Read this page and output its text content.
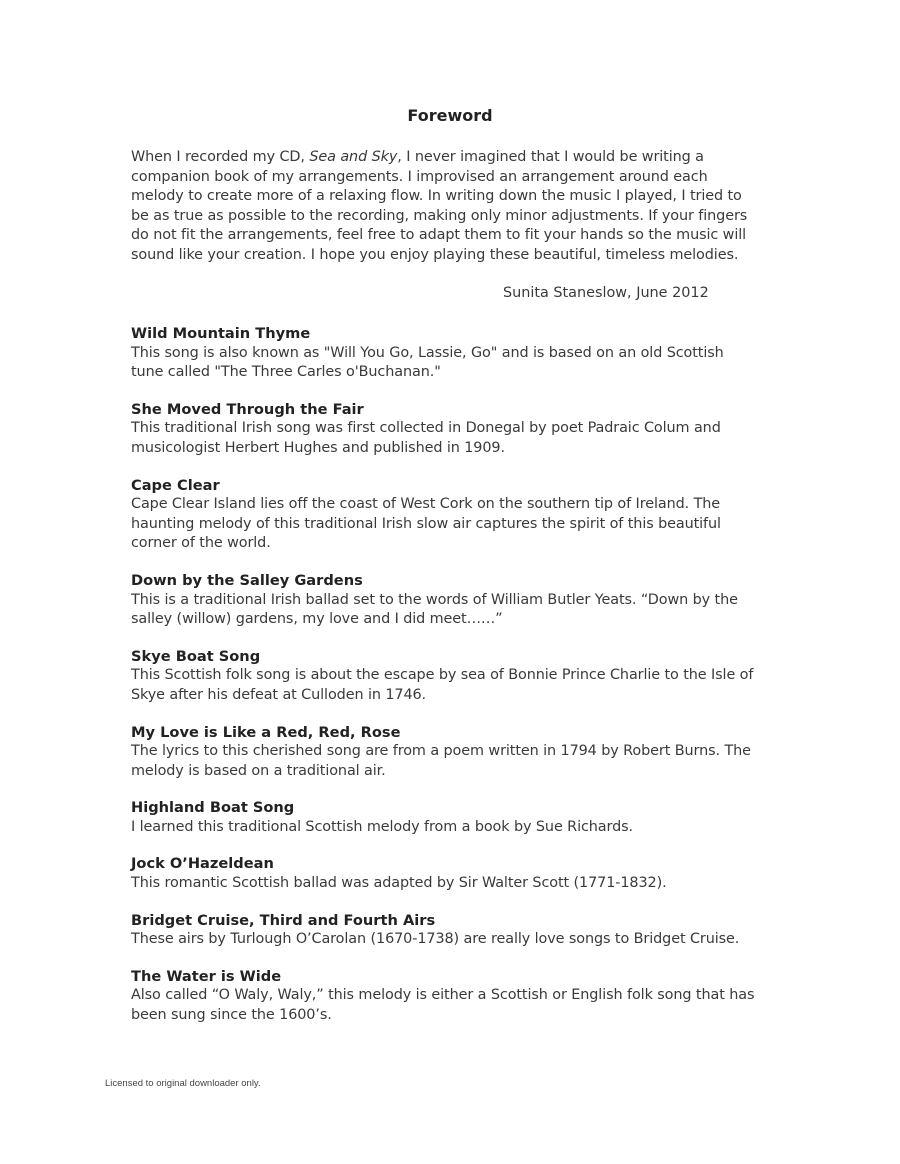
Foreword
When I recorded my CD, Sea and Sky, I never imagined that I would be writing a
companion book of my arrangements. I improvised an arrangement around each
melody to create more of a relaxing flow. In writing down the music I played, I tried to
be as true as possible to the recording, making only minor adjustments. If your fingers
do not fit the arrangements, feel free to adapt them to fit your hands so the music will
sound like your creation. I hope you enjoy playing these beautiful, timeless melodies.
Sunita Staneslow, June 2012
Wild Mountain Thyme
This song is also known as "Will You Go, Lassie, Go" and is based on an old Scottish
tune called "The Three Carles o'Buchanan."
She Moved Through the Fair
This traditional Irish song was first collected in Donegal by poet Padraic Colum and
musicologist Herbert Hughes and published in 1909.
Cape Clear
Cape Clear Island lies off the coast of West Cork on the southern tip of Ireland. The
haunting melody of this traditional Irish slow air captures the spirit of this beautiful
corner of the world.
Down by the Salley Gardens
This is a traditional Irish ballad set to the words of William Butler Yeats. “Down by the
salley (willow) gardens, my love and I did meet……”
Skye Boat Song
This Scottish folk song is about the escape by sea of Bonnie Prince Charlie to the Isle of
Skye after his defeat at Culloden in 1746.
My Love is Like a Red, Red, Rose
The lyrics to this cherished song are from a poem written in 1794 by Robert Burns. The
melody is based on a traditional air.
Highland Boat Song
I learned this traditional Scottish melody from a book by Sue Richards.
Jock O’Hazeldean
This romantic Scottish ballad was adapted by Sir Walter Scott (1771-1832).
Bridget Cruise, Third and Fourth Airs
These airs by Turlough O’Carolan (1670-1738) are really love songs to Bridget Cruise.
The Water is Wide
Also called “O Waly, Waly,” this melody is either a Scottish or English folk song that has
been sung since the 1600’s.
Licensed to original downloader only.
